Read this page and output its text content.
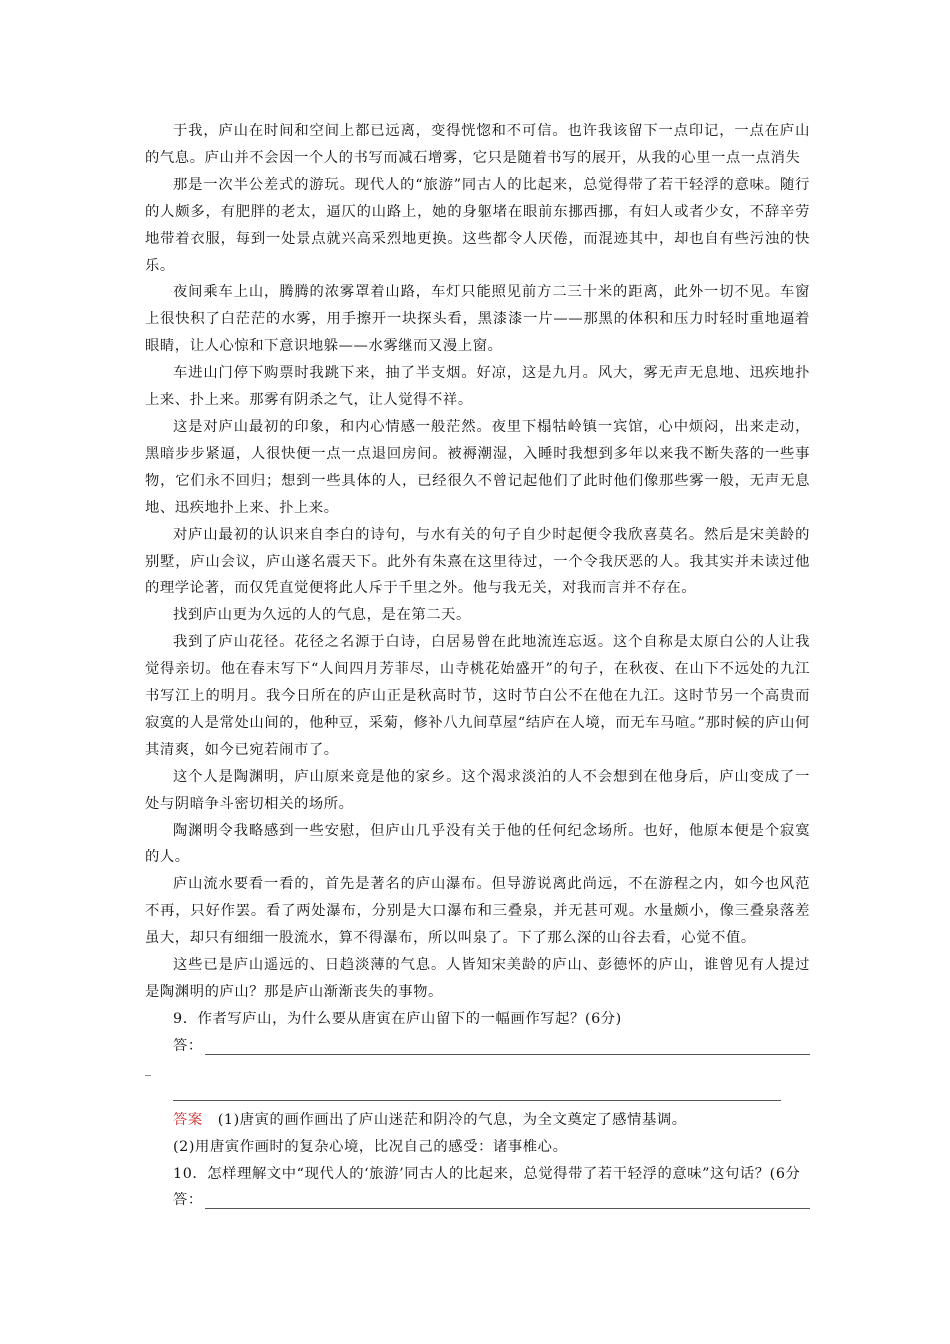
于我，庐山在时间和空间上都已远离，变得恍惚和不可信。也许我该留下一点印记，一点在庐山的气息。庐山并不会因一个人的书写而减石增雾，它只是随着书写的展开，从我的心里一点一点消失

那是一次半公差式的游玩。现代人的“旅游”同古人的比起来，总觉得带了若干轻浮的意味。随行的人颇多，有肥胖的老太，逼仄的山路上，她的身躯堵在眼前东挪西挪，有妇人或者少女，不辞辛劳地带着衣服，每到一处景点就兴高采烈地更换。这些都令人厌倦，而混迹其中，却也自有些污浊的快乐。

夜间乘车上山，腾腾的浓雾罩着山路，车灯只能照见前方二三十米的距离，此外一切不见。车窗上很快积了白茫茫的水雾，用手擦开一块探头看，黑漆漆一片——那黑的体积和压力时轻时重地逼着眼睛，让人心惊和下意识地躲——水雾继而又漫上窗。

车进山门停下购票时我跳下来，抽了半支烟。好凉，这是九月。风大，雾无声无息地、迅疾地扑上来、扑上来。那雾有阴杀之气，让人觉得不祥。

这是对庐山最初的印象，和内心情感一般茫然。夜里下榻牯岭镇一宾馆，心中烦闷，出来走动，黑暗步步紧逼，人很快便一点一点退回房间。被褥潮湿，入睡时我想到多年以来我不断失落的一些事物，它们永不回归；想到一些具体的人，已经很久不曾记起他们了此时他们像那些雾一般，无声无息地、迅疾地扑上来、扑上来。

对庐山最初的认识来自李白的诗句，与水有关的句子自少时起便令我欣喜莫名。然后是宋美龄的别墅，庐山会议，庐山遂名震天下。此外有朱熹在这里待过，一个令我厌恶的人。我其实并未读过他的理学论著，而仅凭直觉便将此人斥于千里之外。他与我无关，对我而言并不存在。

找到庐山更为久远的人的气息，是在第二天。

我到了庐山花径。花径之名源于白诗，白居易曾在此地流连忘返。这个自称是太原白公的人让我觉得亲切。他在春末写下“人间四月芳菲尽，山寺桃花始盛开”的句子，在秋夜、在山下不远处的九江书写江上的明月。我今日所在的庐山正是秋高时节，这时节白公不在他在九江。这时节另一个高贵而寂寞的人是常处山间的，他种豆，采菊，修补八九间草屋“结庐在人境，而无车马喧。”那时候的庐山何其清爽，如今已宛若闹市了。

这个人是陶渊明，庐山原来竟是他的家乡。这个渴求淡泊的人不会想到在他身后，庐山变成了一处与阴暗争斗密切相关的场所。

陶渊明令我略感到一些安慰，但庐山几乎没有关于他的任何纪念场所。也好，他原本便是个寂寞的人。

庐山流水要看一看的，首先是著名的庐山瀑布。但导游说离此尚远，不在游程之内，如今也风范不再，只好作罢。看了两处瀑布，分别是大口瀑布和三叠泉，并无甚可观。水量颇小，像三叠泉落差虽大，却只有细细一股流水，算不得瀑布，所以叫泉了。下了那么深的山谷去看，心觉不值。

这些已是庐山遥远的、日趋淡薄的气息。人皆知宋美龄的庐山、彭德怀的庐山，谁曾见有人提过是陶渊明的庐山？那是庐山渐渐丧失的事物。

9．作者写庐山，为什么要从唐寅在庐山留下的一幅画作写起？(6分)

答：

_

答案　 (1)唐寅的画作画出了庐山迷茫和阴冷的气息，为全文奠定了感情基调。

(2)用唐寅作画时的复杂心境，比况自己的感受：诸事椎心。

10．怎样理解文中“现代人的‘旅游’同古人的比起来，总觉得带了若干轻浮的意味”这句话？(6分

答：
